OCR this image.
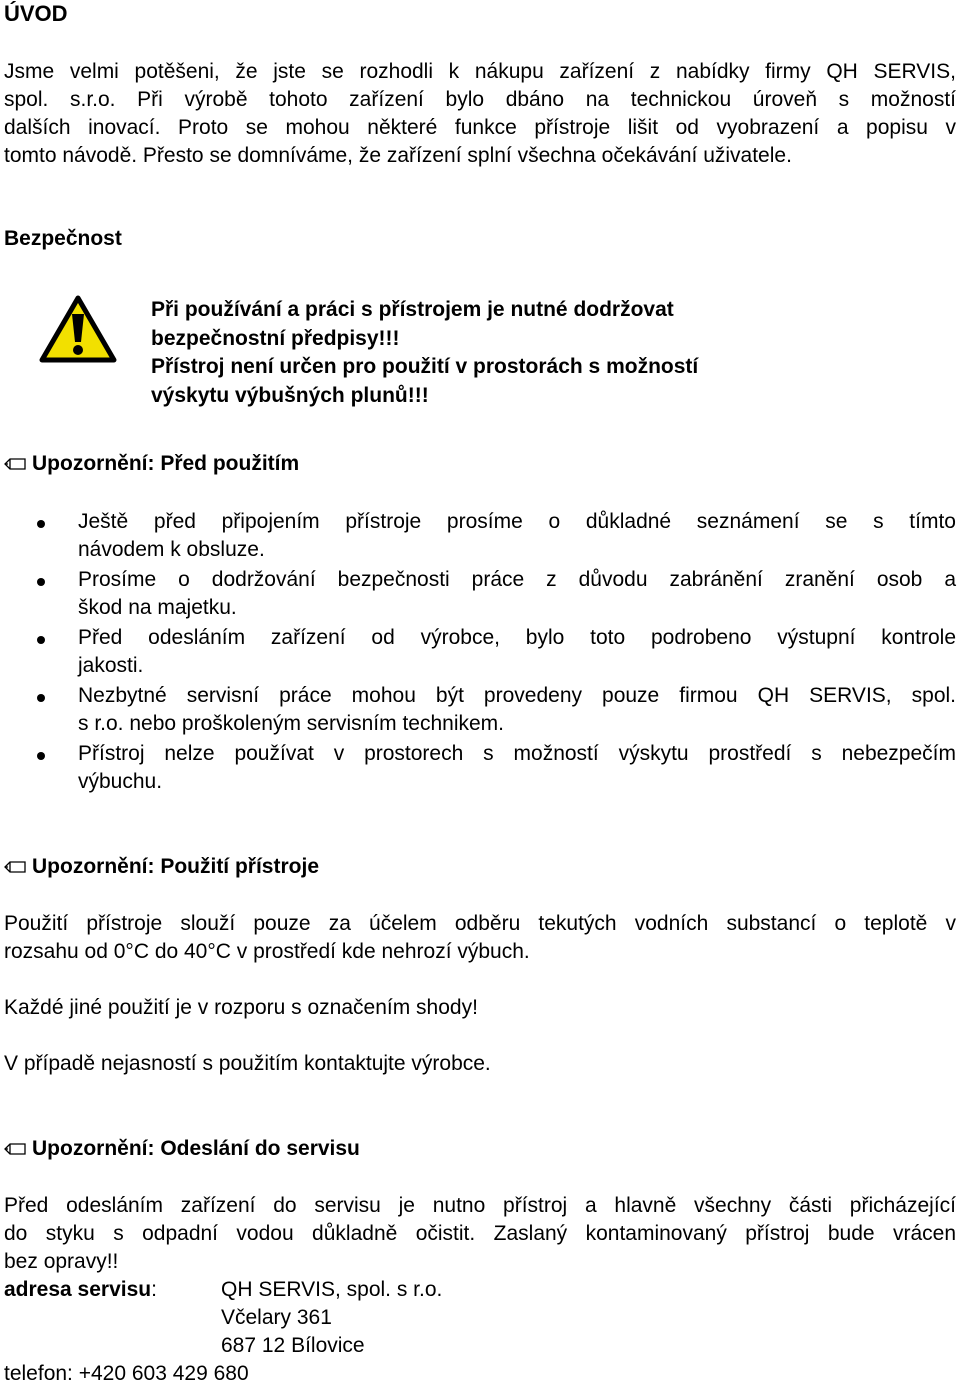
ÚVOD
Jsme velmi potěšeni, že jste se rozhodli k nákupu zařízení z nabídky firmy QH SERVIS,
spol. s.r.o. Při výrobě tohoto zařízení bylo dbáno na technickou úroveň s možností
dalších inovací. Proto se mohou některé funkce přístroje lišit od vyobrazení a popisu v
tomto návodě. Přesto se domníváme, že zařízení splní všechna očekávání uživatele.
Bezpečnost
Při používání a práci s přístrojem je nutné dodržovat
bezpečnostní předpisy!!!
Přístroj není určen pro použití v prostorách s možností
výskytu výbušných plunů!!!
Upozornění: Před použitím
Ještě před připojením přístroje prosíme o důkladné seznámení se s tímto
návodem k obsluze.
Prosíme o dodržování bezpečnosti práce z důvodu zabránění zranění osob a
škod na majetku.
Před odesláním zařízení od výrobce, bylo toto podrobeno výstupní kontrole
jakosti.
Nezbytné servisní práce mohou být provedeny pouze firmou QH SERVIS, spol.
s r.o. nebo proškoleným servisním technikem.
Přístroj nelze používat v prostorech s možností výskytu prostředí s nebezpečím
výbuchu.
Upozornění: Použití přístroje
Použití přístroje slouží pouze za účelem odběru tekutých vodních substancí o teplotě v
rozsahu od 0°C do 40°C v prostředí kde nehrozí výbuch.
Každé jiné použití je v rozporu s označením shody!
V případě nejasností s použitím kontaktujte výrobce.
Upozornění: Odeslání do servisu
Před odesláním zařízení do servisu je nutno přístroj a hlavně všechny části přicházející
do styku s odpadní vodou důkladně očistit. Zaslaný kontaminovaný přístroj bude vrácen
bez opravy!!
adresa servisu:	QH SERVIS, spol. s r.o.
Včelary 361
687 12 Bílovice
telefon: +420 603 429 680
